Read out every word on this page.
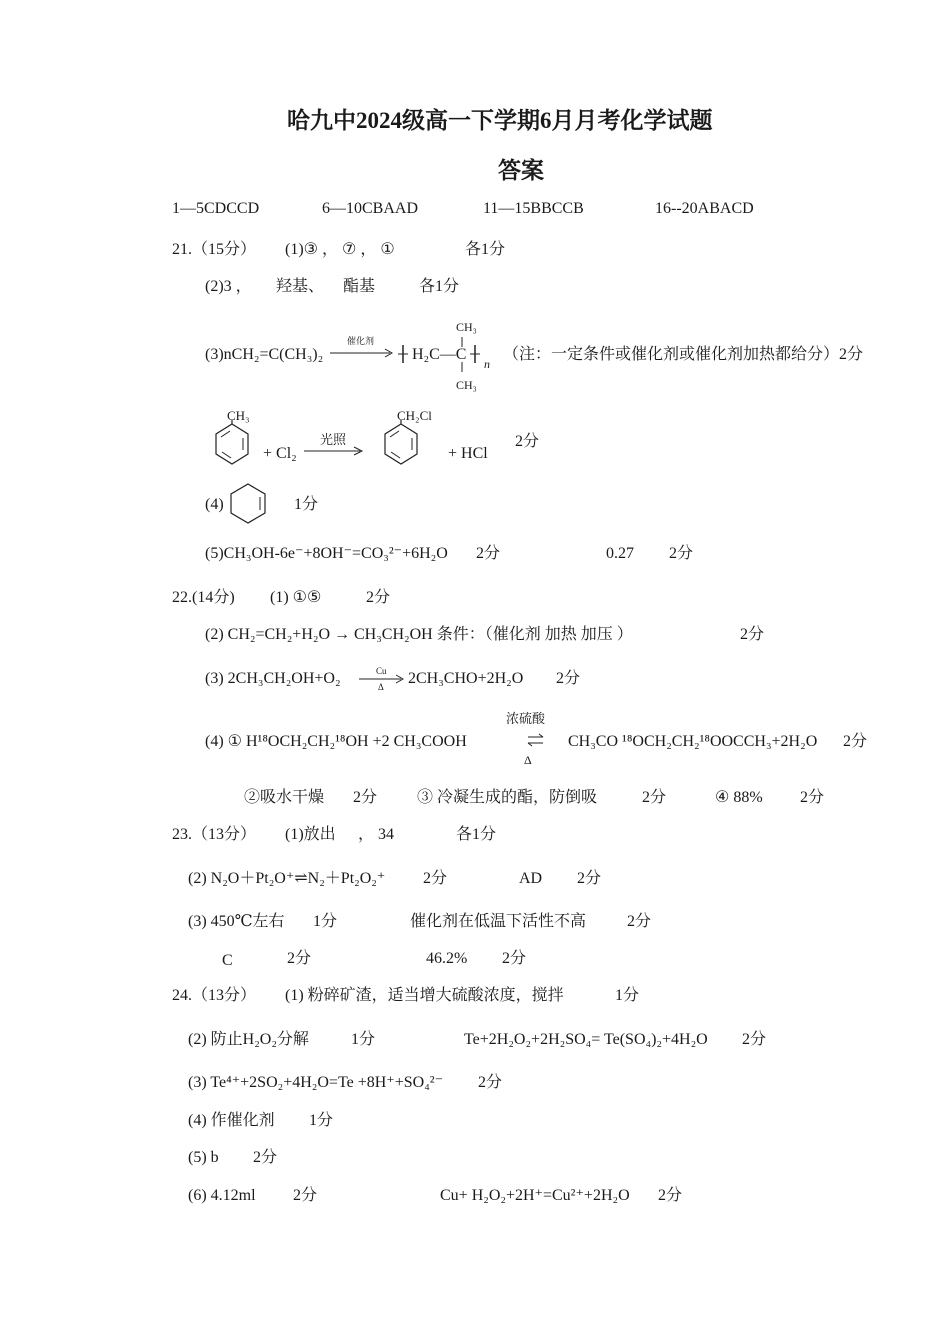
哈九中2024级高一下学期6月月考化学试题
答案
1—5CDCCD	6—10CBAAD	11—15BBCCB	16--20ABACD
21.（15分） (1)③ ， ⑦ ， ①	各1分
(2)3 ， 羟基、 酯基	各1分
(3)nCH₂=C(CH₃)₂
催化剂
CH₃
H₂C—C
n
CH₃
（注：一定条件或催化剂或催化剂加热都给分）2分
CH₃
+ Cl₂
光照
CH₂Cl
+ HCl
2分
(4)	1分
(5)CH₃OH-6e⁻+8OH⁻=CO₃²⁻+6H₂O 2分	0.27 2分
22.(14分) (1) ①⑤	2分
(2) CH₂=CH₂+H₂O → CH₃CH₂OH 条件：（催化剂 加热 加压 ）	2分
(3) 2CH₃CH₂OH+O₂	Cu
Δ 2CH₃CHO+2H₂O 2分
浓硫酸
Δ
(4) ① H¹⁸OCH₂CH₂¹⁸OH +2 CH₃COOH	CH₃CO ¹⁸OCH₂CH₂¹⁸OOCCH₃+2H₂O 2分
②吸水干燥 2分 ③ 冷凝生成的酯，防倒吸	2分	④ 88% 2分
23.（13分） (1)放出 ， 34	各1分
(2) N₂O＋Pt₂O⁺⇌N₂＋Pt₂O₂⁺ 2分	AD 2分
(3) 450℃左右 1分	催化剂在低温下活性不高	2分
C	2分	46.2% 2分
24.（13分） (1) 粉碎矿渣，适当增大硫酸浓度，搅拌	1分
(2) 防止H₂O₂分解	1分	Te+2H₂O₂+2H₂SO₄= Te(SO₄)₂+4H₂O 2分
(3) Te⁴⁺+2SO₂+4H₂O=Te +8H⁺+SO₄²⁻ 2分
(4) 作催化剂 1分
(5) b 2分
(6) 4.12ml 2分	Cu+ H₂O₂+2H⁺=Cu²⁺+2H₂O 2分
